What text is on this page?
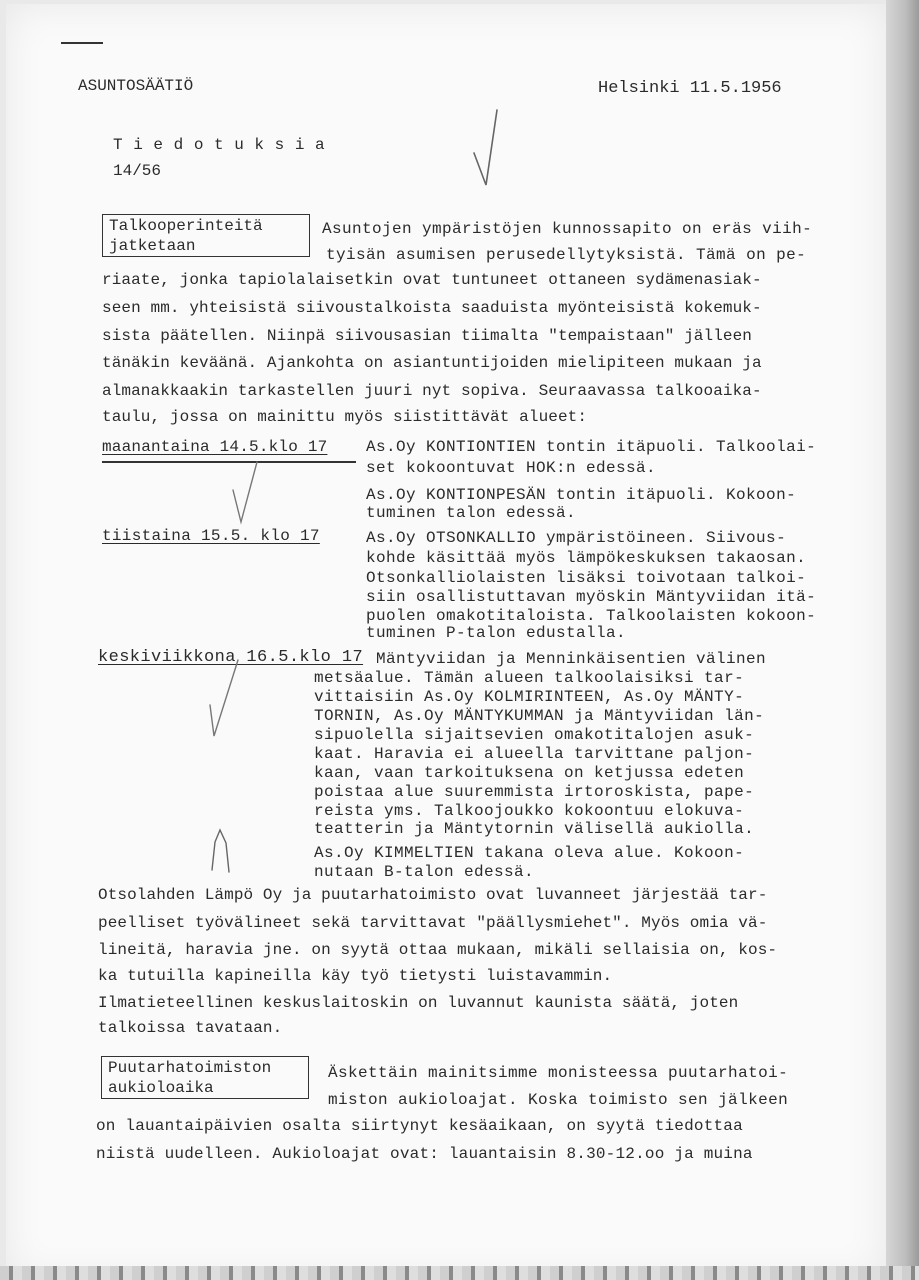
ASUNTOSÄÄTIÖ	Helsinki 11.5.1956
T i e d o t u k s i a
14/56
Talkooperinteitä
jatketaan
Asuntojen ympäristöjen kunnossapito on eräs viih-
tyisän asumisen perusedellytyksistä. Tämä on pe-
riaate, jonka tapiolalaisetkin ovat tuntuneet ottaneen sydämenasiak-
seen mm. yhteisistä siivoustalkoista saaduista myönteisistä kokemuk-
sista päätellen. Niinpä siivousasian tiimalta "tempaistaan" jälleen
tänäkin keväänä. Ajankohta on asiantuntijoiden mielipiteen mukaan ja
almanakkaakin tarkastellen juuri nyt sopiva. Seuraavassa talkooaika-
taulu, jossa on mainittu myös siistittävät alueet:
maanantaina 14.5.klo 17 As.Oy KONTIONTIEN tontin itäpuoli. Talkoolai-
set kokoontuvat HOK:n edessä.
As.Oy KONTIONPESÄN tontin itäpuoli. Kokoon-
tuminen talon edessä.
tiistaina 15.5. klo 17	As.Oy OTSONKALLIO ympäristöineen. Siivous-
kohde käsittää myös lämpökeskuksen takaosan.
Otsonkalliolaisten lisäksi toivotaan talkoi-
siin osallistuttavan myöskin Mäntyviidan itä-
puolen omakotitaloista. Talkoolaisten kokoon-
tuminen P-talon edustalla.
keskiviikkona 16.5.klo 17 Mäntyviidan ja Menninkäisentien välinen
metsäalue. Tämän alueen talkoolaisiksi tar-
vittaisiin As.Oy KOLMIRINTEEN, As.Oy MÄNTY-
TORNIN, As.Oy MÄNTYKUMMAN ja Mäntyviidan län-
sipuolella sijaitsevien omakotitalojen asuk-
kaat. Haravia ei alueella tarvittane paljon-
kaan, vaan tarkoituksena on ketjussa edeten
poistaa alue suuremmista irtoroskista, pape-
reista yms. Talkoojoukko kokoontuu elokuva-
teatterin ja Mäntytornin välisellä aukiolla.
As.Oy KIMMELTIEN takana oleva alue. Kokoon-
nutaan B-talon edessä.
Otsolahden Lämpö Oy ja puutarhatoimisto ovat luvanneet järjestää tar-
peelliset työvälineet sekä tarvittavat "päällysmiehet". Myös omia vä-
lineitä, haravia jne. on syytä ottaa mukaan, mikäli sellaisia on, kos-
ka tutuilla kapineilla käy työ tietysti luistavammin.
Ilmatieteellinen keskuslaitoskin on luvannut kaunista säätä, joten
talkoissa tavataan.
Puutarhatoimiston
aukioloaika
Äskettäin mainitsimme monisteessa puutarhatoi-
miston aukioloajat. Koska toimisto sen jälkeen
on lauantaipäivien osalta siirtynyt kesäaikaan, on syytä tiedottaa
niistä uudelleen. Aukioloajat ovat: lauantaisin 8.30-12.oo ja muina
